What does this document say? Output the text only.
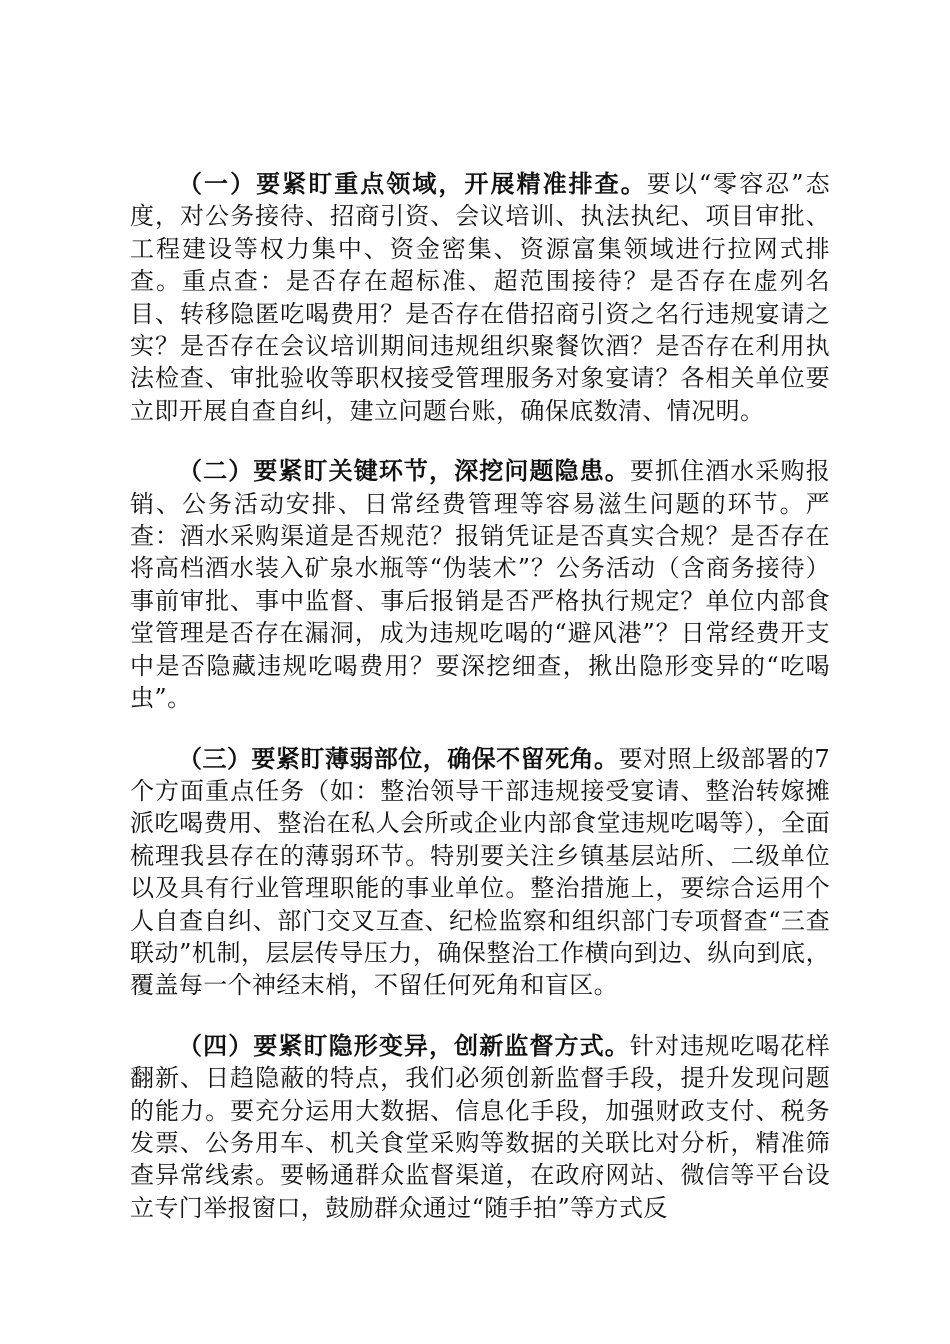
（一）要紧盯重点领域，开展精准排查。要以“零容忍”态度，对公务接待、招商引资、会议培训、执法执纪、项目审批、工程建设等权力集中、资金密集、资源富集领域进行拉网式排查。重点查：是否存在超标准、超范围接待？是否存在虚列名目、转移隐匿吃喝费用？是否存在借招商引资之名行违规宴请之实？是否存在会议培训期间违规组织聚餐饮酒？是否存在利用执法检查、审批验收等职权接受管理服务对象宴请？各相关单位要立即开展自查自纠，建立问题台账，确保底数清、情况明。

（二）要紧盯关键环节，深挖问题隐患。要抓住酒水采购报销、公务活动安排、日常经费管理等容易滋生问题的环节。严查：酒水采购渠道是否规范？报销凭证是否真实合规？是否存在将高档酒水装入矿泉水瓶等“伪装术”？公务活动（含商务接待）事前审批、事中监督、事后报销是否严格执行规定？单位内部食堂管理是否存在漏洞，成为违规吃喝的“避风港”？日常经费开支中是否隐藏违规吃喝费用？要深挖细查，揪出隐形变异的“吃喝虫”。

（三）要紧盯薄弱部位，确保不留死角。要对照上级部署的7个方面重点任务（如：整治领导干部违规接受宴请、整治转嫁摊派吃喝费用、整治在私人会所或企业内部食堂违规吃喝等），全面梳理我县存在的薄弱环节。特别要关注乡镇基层站所、二级单位以及具有行业管理职能的事业单位。整治措施上，要综合运用个人自查自纠、部门交叉互查、纪检监察和组织部门专项督查“三查联动”机制，层层传导压力，确保整治工作横向到边、纵向到底，覆盖每一个神经末梢，不留任何死角和盲区。

（四）要紧盯隐形变异，创新监督方式。针对违规吃喝花样翻新、日趋隐蔽的特点，我们必须创新监督手段，提升发现问题的能力。要充分运用大数据、信息化手段，加强财政支付、税务发票、公务用车、机关食堂采购等数据的关联比对分析，精准筛查异常线索。要畅通群众监督渠道，在政府网站、微信等平台设立专门举报窗口，鼓励群众通过“随手拍”等方式反
